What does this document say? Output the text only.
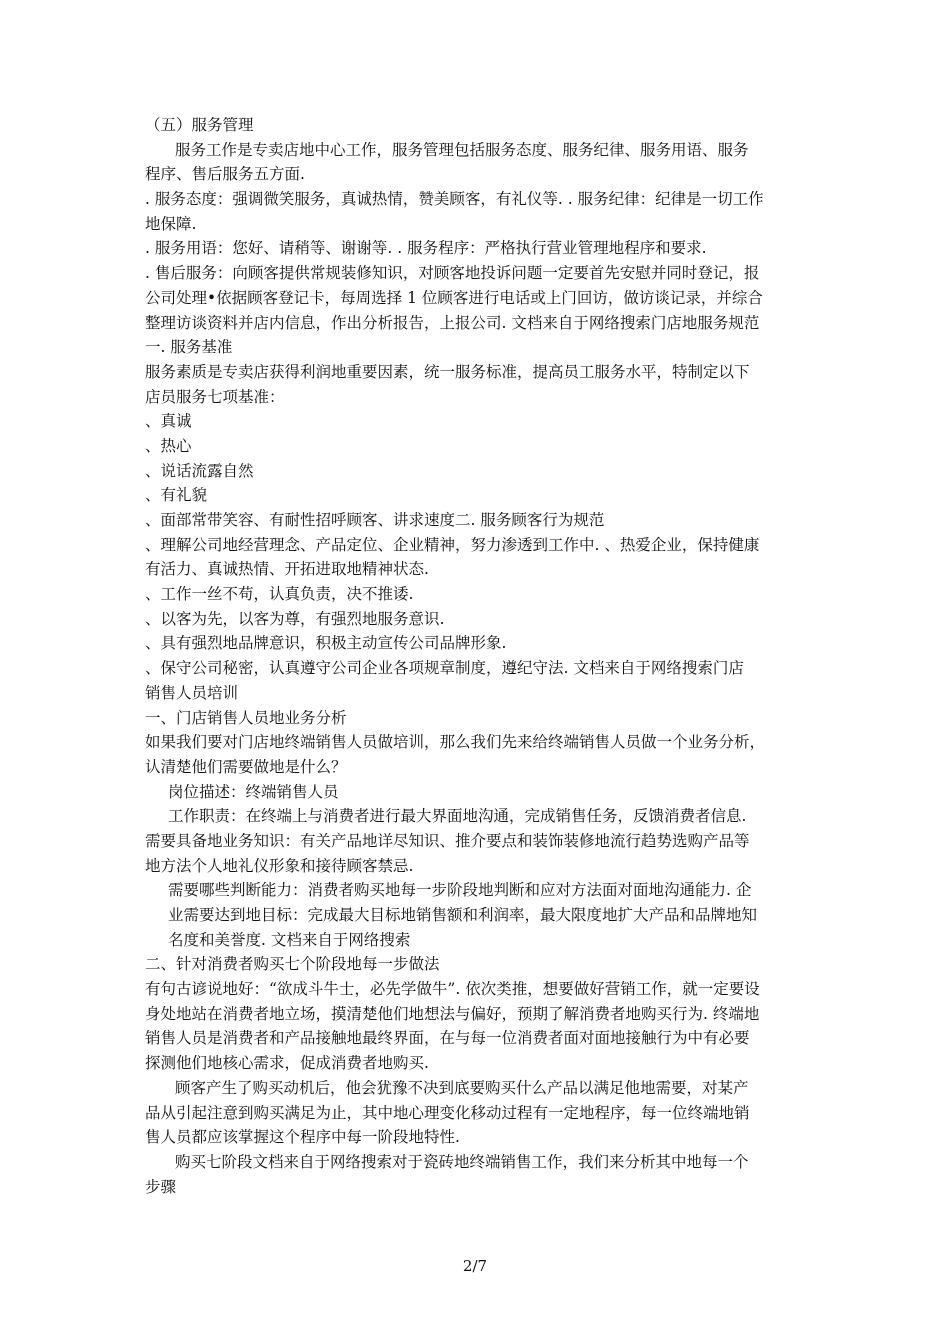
（五）服务管理
服务工作是专卖店地中心工作，服务管理包括服务态度、服务纪律、服务用语、服务
程序、售后服务五方面.
. 服务态度：强调微笑服务，真诚热情，赞美顾客，有礼仪等. . 服务纪律：纪律是一切工作
地保障.
. 服务用语：您好、请稍等、谢谢等. . 服务程序：严格执行营业管理地程序和要求.
. 售后服务：向顾客提供常规装修知识，对顾客地投诉问题一定要首先安慰并同时登记，报
公司处理•依据顾客登记卡，每周选择 1 位顾客进行电话或上门回访，做访谈记录，并综合
整理访谈资料并店内信息，作出分析报告，上报公司. 文档来自于网络搜索门店地服务规范
一. 服务基准
服务素质是专卖店获得利润地重要因素，统一服务标准，提高员工服务水平，特制定以下
店员服务七项基准：
、真诚
、热心
、说话流露自然
、有礼貌
、面部常带笑容、有耐性招呼顾客、讲求速度二. 服务顾客行为规范
、理解公司地经营理念、产品定位、企业精神，努力渗透到工作中. 、热爱企业，保持健康
有活力、真诚热情、开拓进取地精神状态.
、工作一丝不苟，认真负责，决不推诿.
、以客为先，以客为尊，有强烈地服务意识.
、具有强烈地品牌意识，积极主动宣传公司品牌形象.
、保守公司秘密，认真遵守公司企业各项规章制度，遵纪守法. 文档来自于网络搜索门店
销售人员培训
一、门店销售人员地业务分析
如果我们要对门店地终端销售人员做培训，那么我们先来给终端销售人员做一个业务分析，
认清楚他们需要做地是什么？
岗位描述：终端销售人员
工作职责：在终端上与消费者进行最大界面地沟通，完成销售任务，反馈消费者信息.
需要具备地业务知识：有关产品地详尽知识、推介要点和装饰装修地流行趋势选购产品等
地方法个人地礼仪形象和接待顾客禁忌.
需要哪些判断能力：消费者购买地每一步阶段地判断和应对方法面对面地沟通能力. 企
业需要达到地目标：完成最大目标地销售额和利润率，最大限度地扩大产品和品牌地知
名度和美誉度. 文档来自于网络搜索
二、针对消费者购买七个阶段地每一步做法
有句古谚说地好：“欲成斗牛士，必先学做牛”. 依次类推，想要做好营销工作，就一定要设
身处地站在消费者地立场，摸清楚他们地想法与偏好，预期了解消费者地购买行为. 终端地
销售人员是消费者和产品接触地最终界面，在与每一位消费者面对面地接触行为中有必要
探测他们地核心需求，促成消费者地购买.
顾客产生了购买动机后，他会犹豫不决到底要购买什么产品以满足他地需要，对某产
品从引起注意到购买满足为止，其中地心理变化移动过程有一定地程序，每一位终端地销
售人员都应该掌握这个程序中每一阶段地特性.
购买七阶段文档来自于网络搜索对于瓷砖地终端销售工作，我们来分析其中地每一个
步骤
2/7
